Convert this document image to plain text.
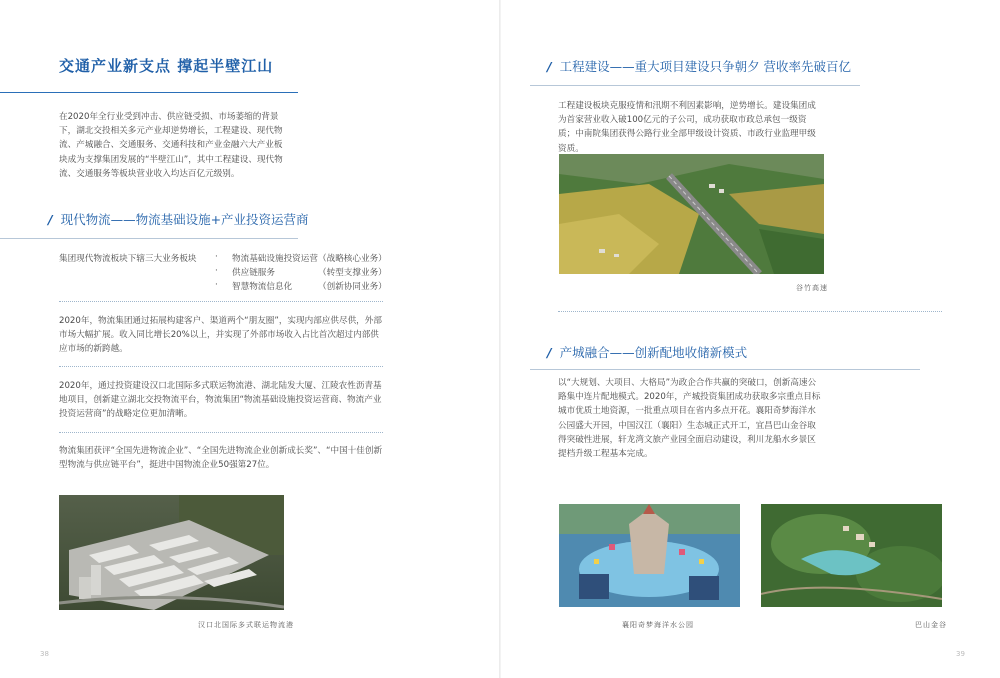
交通产业新支点 撑起半壁江山

在2020年全行业受到冲击、供应链受损、市场萎缩的背景下，湖北交投相关多元产业却逆势增长，工程建设、现代物流、产城融合、交通服务、交通科技和产业金融六大产业板块成为支撑集团发展的“半壁江山”，其中工程建设、现代物流、交通服务等板块营业收入均达百亿元级别。

/ 现代物流——物流基础设施+产业投资运营商
集团现代物流板块下辖三大业务板块 · 物流基础设施投资运营 （战略核心业务）
· 供应链服务	（转型支撑业务）
· 智慧物流信息化	（创新协同业务）

2020年，物流集团通过拓展构建客户、渠道两个“朋友圈”，实现内部应供尽供，外部市场大幅扩展。收入同比增长20%以上，并实现了外部市场收入占比首次超过内部供应市场的新跨越。

2020年，通过投资建设汉口北国际多式联运物流港、湖北陆发大厦、江陵农性沥青基地项目，创新建立湖北交投物流平台，物流集团“物流基础设施投资运营商、物流产业投资运营商”的战略定位更加清晰。

物流集团获评“全国先进物流企业”、“全国先进物流企业创新成长奖”、“中国十佳创新型物流与供应链平台”，挺进中国物流企业50强第27位。

汉口北国际多式联运物流港
38
/ 工程建设——重大项目建设只争朝夕 营收率先破百亿

工程建设板块克服疫情和汛期不利因素影响，逆势增长。建设集团成为首家营业收入破100亿元的子公司，成功获取市政总承包一级资质；中南院集团获得公路行业全部甲级设计资质、市政行业监理甲级资质。

谷竹高速
/ 产城融合——创新配地收储新模式

以“大规划、大项目、大格局”为政企合作共赢的突破口，创新高速公路集中连片配地模式。2020年，产城投资集团成功获取多宗重点目标城市优质土地资源，一批重点项目在省内多点开花。襄阳奇梦海洋水公园盛大开园，中国汉江（襄阳）生态城正式开工，宜昌巴山金谷取得突破性进展，轩龙湾文旅产业园全面启动建设，利川龙船水乡景区提档升级工程基本完成。

襄阳奇梦海洋水公园	巴山金谷
39
